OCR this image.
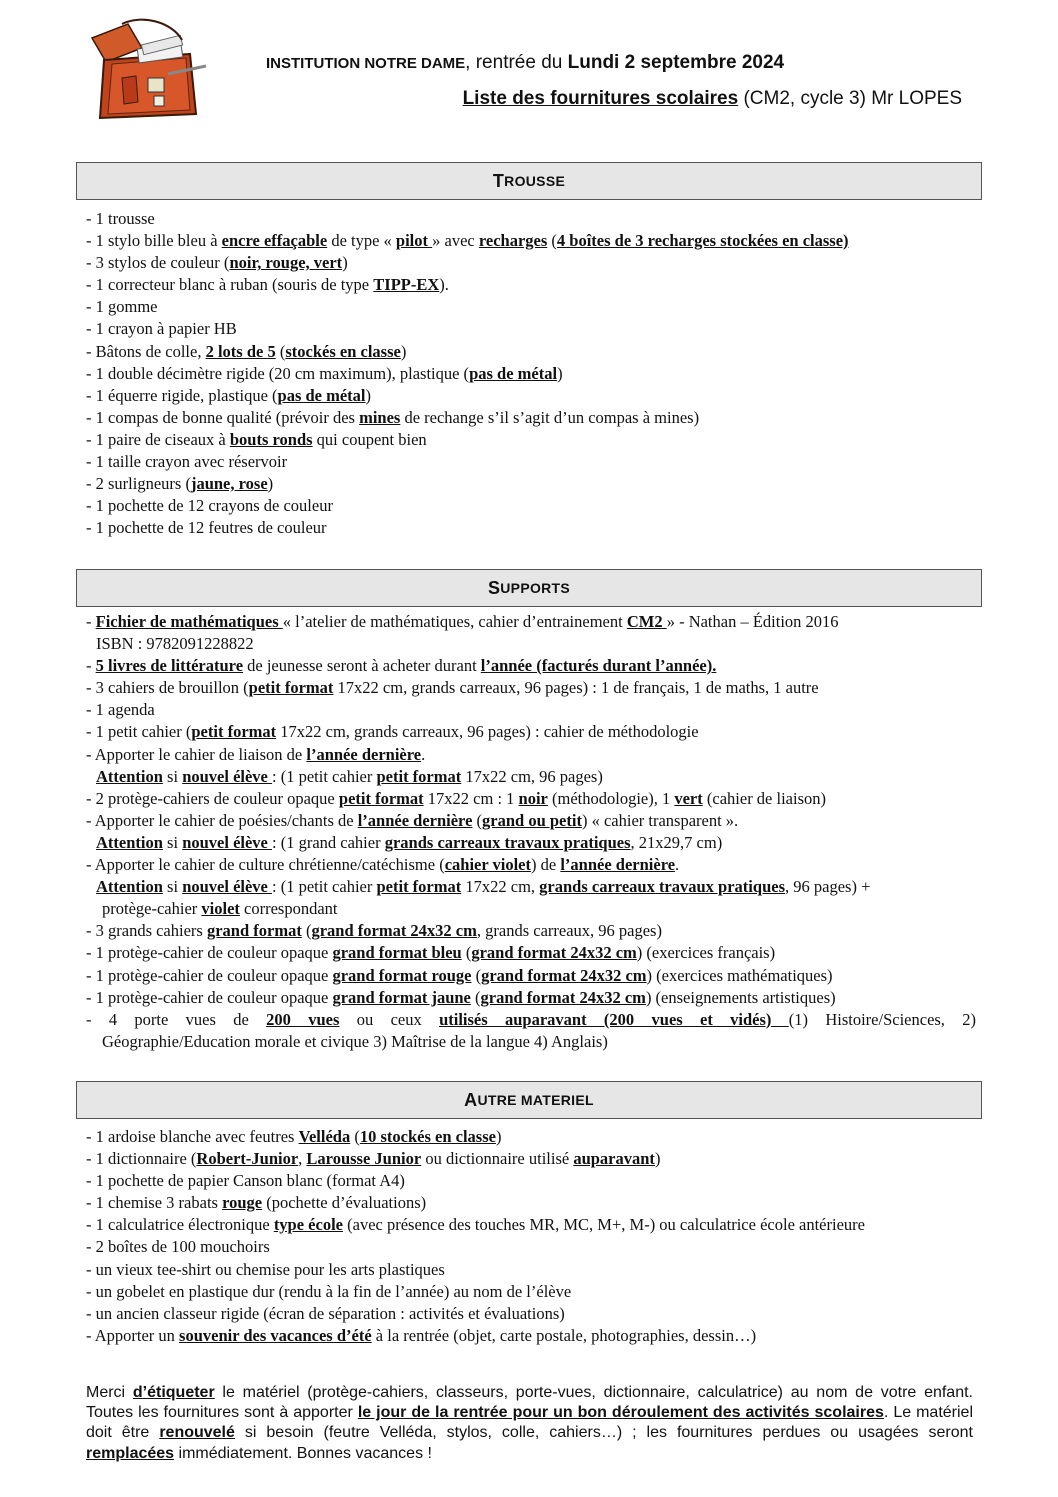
INSTITUTION NOTRE DAME, rentrée du Lundi 2 septembre 2024
Liste des fournitures scolaires (CM2, cycle 3) Mr LOPES
T ROUSSE
- 1 trousse
- 1 stylo bille bleu à encre effaçable de type « pilot » avec recharges (4 boîtes de 3 recharges stockées en classe)
- 3 stylos de couleur (noir, rouge, vert)
- 1 correcteur blanc à ruban (souris de type TIPP-EX).
- 1 gomme
- 1 crayon à papier HB
- Bâtons de colle, 2 lots de 5 (stockés en classe)
- 1 double décimètre rigide (20 cm maximum), plastique (pas de métal)
- 1 équerre rigide, plastique (pas de métal)
- 1 compas de bonne qualité (prévoir des mines de rechange s’il s’agit d’un compas à mines)
- 1 paire de ciseaux à bouts ronds qui coupent bien
- 1 taille crayon avec réservoir
- 2 surligneurs (jaune, rose)
- 1 pochette de 12 crayons de couleur
- 1 pochette de 12 feutres de couleur
S UPPORTS
- Fichier de mathématiques « l’atelier de mathématiques, cahier d’entrainement CM2 » - Nathan – Édition 2016
ISBN : 9782091228822
- 5 livres de littérature de jeunesse seront à acheter durant l’année (facturés durant l’année).
- 3 cahiers de brouillon (petit format 17x22 cm, grands carreaux, 96 pages) : 1 de français, 1 de maths, 1 autre
- 1 agenda
- 1 petit cahier (petit format 17x22 cm, grands carreaux, 96 pages) : cahier de méthodologie
- Apporter le cahier de liaison de l’année dernière.
Attention si nouvel élève : (1 petit cahier petit format 17x22 cm, 96 pages)
- 2 protège-cahiers de couleur opaque petit format 17x22 cm : 1 noir (méthodologie), 1 vert (cahier de liaison)
- Apporter le cahier de poésies/chants de l’année dernière (grand ou petit) « cahier transparent ».
Attention si nouvel élève : (1 grand cahier grands carreaux travaux pratiques, 21x29,7 cm)
- Apporter le cahier de culture chrétienne/catéchisme (cahier violet) de l’année dernière.
Attention si nouvel élève : (1 petit cahier petit format 17x22 cm, grands carreaux travaux pratiques, 96 pages) +
protège-cahier violet correspondant
- 3 grands cahiers grand format (grand format 24x32 cm, grands carreaux, 96 pages)
- 1 protège-cahier de couleur opaque grand format bleu (grand format 24x32 cm) (exercices français)
- 1 protège-cahier de couleur opaque grand format rouge (grand format 24x32 cm) (exercices mathématiques)
- 1 protège-cahier de couleur opaque grand format jaune (grand format 24x32 cm) (enseignements artistiques)
- 4 porte vues de 200 vues ou ceux utilisés auparavant (200 vues et vidés) (1) Histoire/Sciences, 2)
Géographie/Education morale et civique 3) Maîtrise de la langue 4) Anglais)
A UTRE MATERIEL
- 1 ardoise blanche avec feutres Velléda (10 stockés en classe)
- 1 dictionnaire (Robert-Junior, Larousse Junior ou dictionnaire utilisé auparavant)
- 1 pochette de papier Canson blanc (format A4)
- 1 chemise 3 rabats rouge (pochette d’évaluations)
- 1 calculatrice électronique type école (avec présence des touches MR, MC, M+, M-) ou calculatrice école antérieure
- 2 boîtes de 100 mouchoirs
- un vieux tee-shirt ou chemise pour les arts plastiques
- un gobelet en plastique dur (rendu à la fin de l’année) au nom de l’élève
- un ancien classeur rigide (écran de séparation : activités et évaluations)
- Apporter un souvenir des vacances d’été à la rentrée (objet, carte postale, photographies, dessin…)
Merci d’étiqueter le matériel (protège-cahiers, classeurs, porte-vues, dictionnaire, calculatrice) au nom de votre enfant. Toutes les fournitures sont à apporter le jour de la rentrée pour un bon déroulement des activités scolaires. Le matériel doit être renouvelé si besoin (feutre Velléda, stylos, colle, cahiers…) ; les fournitures perdues ou usagées seront remplacées immédiatement. Bonnes vacances !
